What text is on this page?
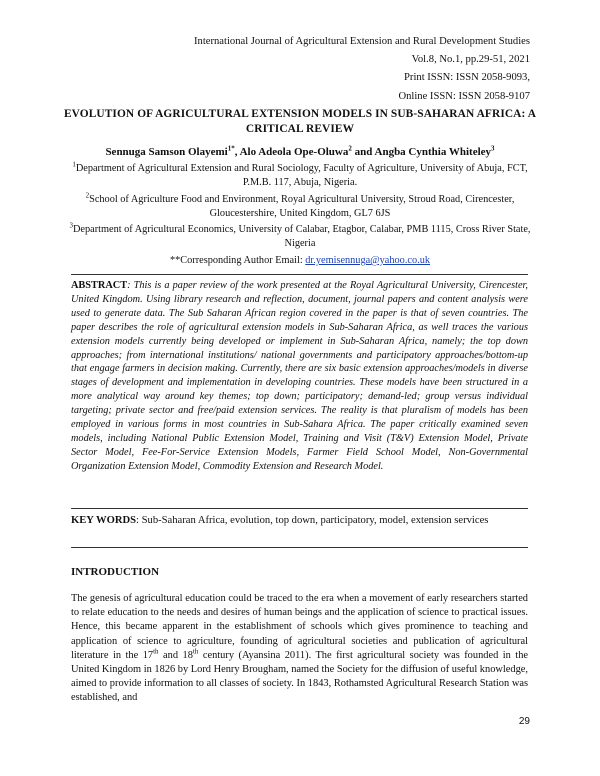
International Journal of Agricultural Extension and Rural Development Studies
Vol.8, No.1, pp.29-51, 2021
Print ISSN: ISSN 2058-9093,
Online ISSN: ISSN 2058-9107
EVOLUTION OF AGRICULTURAL EXTENSION MODELS IN SUB-SAHARAN AFRICA: A CRITICAL REVIEW
Sennuga Samson Olayemi$^{1*}$, Alo Adeola Ope-Oluwa$^2$ and Angba Cynthia Whiteley$^3$
$^1$Department of Agricultural Extension and Rural Sociology, Faculty of Agriculture, University of Abuja, FCT, P.M.B. 117, Abuja, Nigeria.
$^2$School of Agriculture Food and Environment, Royal Agricultural University, Stroud Road, Cirencester, Gloucestershire, United Kingdom, GL7 6JS
$^3$Department of Agricultural Economics, University of Calabar, Etagbor, Calabar, PMB 1115, Cross River State, Nigeria
**Corresponding Author Email: dr.yemisennuga@yahoo.co.uk
ABSTRACT: This is a paper review of the work presented at the Royal Agricultural University, Cirencester, United Kingdom. Using library research and reflection, document, journal papers and content analysis were used to generate data. The Sub Saharan African region covered in the paper is that of seven countries. The paper describes the role of agricultural extension models in Sub-Saharan Africa, as well traces the various extension models currently being developed or implement in Sub-Saharan Africa, namely; the top down approaches; from international institutions/ national governments and participatory approaches/bottom-up that engage farmers in decision making. Currently, there are six basic extension approaches/models in diverse stages of development and implementation in developing countries. These models have been structured in a more analytical way around key themes; top down; participatory; demand-led; group versus individual targeting; private sector and free/paid extension services. The reality is that pluralism of models has been employed in various forms in most countries in Sub-Sahara Africa. The paper critically examined seven models, including National Public Extension Model, Training and Visit (T&V) Extension Model, Private Sector Model, Fee-For-Service Extension Models, Farmer Field School Model, Non-Governmental Organization Extension Model, Commodity Extension and Research Model.
KEY WORDS: Sub-Saharan Africa, evolution, top down, participatory, model, extension services
INTRODUCTION
The genesis of agricultural education could be traced to the era when a movement of early researchers started to relate education to the needs and desires of human beings and the application of science to practical issues. Hence, this became apparent in the establishment of schools which gives prominence to teaching and application of science to agriculture, founding of agricultural societies and publication of agricultural literature in the 17th and 18th century (Ayansina 2011). The first agricultural society was founded in the United Kingdom in 1826 by Lord Henry Brougham, named the Society for the diffusion of useful knowledge, aimed to provide information to all classes of society. In 1843, Rothamsted Agricultural Research Station was established, and
29
